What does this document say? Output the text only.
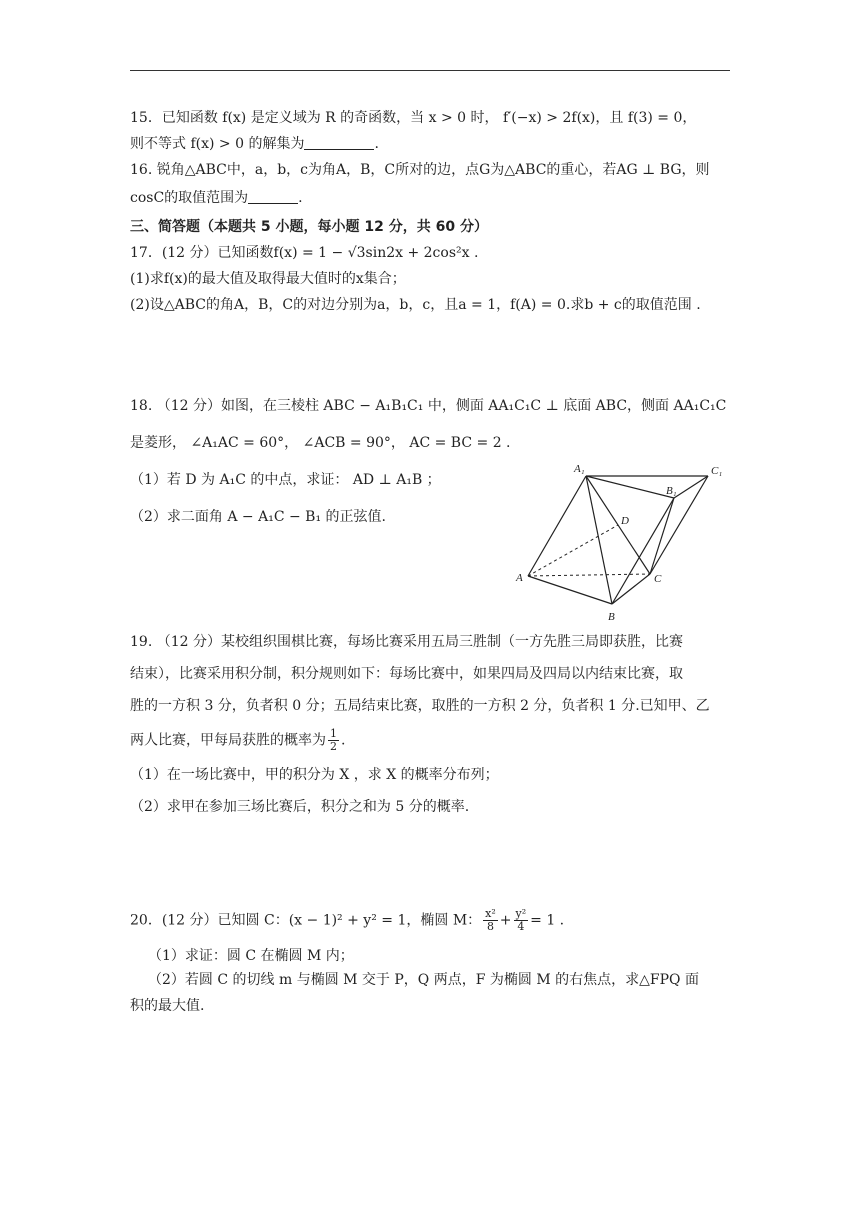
15．已知函数 f(x) 是定义域为 R 的奇函数，当 x > 0 时， f′(−x) > 2f(x)，且 f(3) = 0，
则不等式 f(x) > 0 的解集为	.
16. 锐角△ABC中，a，b，c为角A，B，C所对的边，点G为△ABC的重心，若AG ⊥ BG，则
cosC的取值范围为	.
三、简答题（本题共 5 小题，每小题 12 分，共 60 分）
17．(12 分）已知函数f(x) = 1 − √3sin2x + 2cos²x .
(1)求f(x)的最大值及取得最大值时的x集合；
(2)设△ABC的角A，B，C的对边分别为a，b，c，且a = 1，f(A) = 0.求b + c的取值范围 .
18. （12 分）如图，在三棱柱 ABC − A₁B₁C₁ 中，侧面 AA₁C₁C ⊥ 底面 ABC，侧面 AA₁C₁C
是菱形， ∠A₁AC = 60°， ∠ACB = 90°， AC = BC = 2 .
（1）若 D 为 A₁C 的中点，求证： AD ⊥ A₁B ；
（2）求二面角 A − A₁C − B₁ 的正弦值.
A₁	C₁
B₁
D
A	C
B
19. （12 分）某校组织围棋比赛，每场比赛采用五局三胜制（一方先胜三局即获胜，比赛
结束），比赛采用积分制，积分规则如下：每场比赛中，如果四局及四局以内结束比赛，取
胜的一方积 3 分，负者积 0 分；五局结束比赛，取胜的一方积 2 分，负者积 1 分.已知甲、乙
两人比赛，甲每局获胜的概率为 $\frac{1}{2}$ .
（1）在一场比赛中，甲的积分为 X ，求 X 的概率分布列；
（2）求甲在参加三场比赛后，积分之和为 5 分的概率.
20．(12 分）已知圆 C：(x − 1)² + y² = 1，椭圆 M： $\frac{\text{x²}}{8} + \frac{\text{y²}}{4} = 1$ .
（1）求证：圆 C 在椭圆 M 内；
（2）若圆 C 的切线 m 与椭圆 M 交于 P，Q 两点，F 为椭圆 M 的右焦点，求△FPQ 面
积的最大值.
